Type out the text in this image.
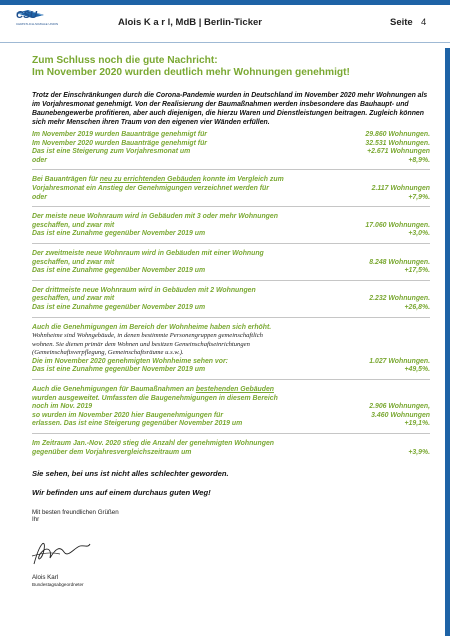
CSU
CHRISTLICH-SOZIALE UNION	Alois K a r l, MdB | Berlin-Ticker	Seite 4
Zum Schluss noch die gute Nachricht:
Im November 2020 wurden deutlich mehr Wohnungen genehmigt!
Trotz der Einschränkungen durch die Corona-Pandemie wurden in Deutschland im November 2020 mehr Wohnungen als im Vorjahresmonat genehmigt. Von der Realisierung der Baumaßnahmen werden insbesondere das Bauhaupt- und Baunebengewerbe profitieren, aber auch diejenigen, die hierzu Waren und Dienstleistungen beitragen. Zugleich können sich mehr Menschen ihren Traum von den eigenen vier Wänden erfüllen.
Im November 2019 wurden Bauanträge genehmigt für	29.860 Wohnungen.
Im November 2020 wurden Bauanträge genehmigt für	32.531 Wohnungen.
Das ist eine Steigerung zum Vorjahresmonat um	+2.671 Wohnungen
oder	+8,9%.
Bei Bauanträgen für neu zu errichtenden Gebäuden konnte im Vergleich zum
Vorjahresmonat ein Anstieg der Genehmigungen verzeichnet werden für	2.117 Wohnungen
oder	+7,9%.
Der meiste neue Wohnraum wird in Gebäuden mit 3 oder mehr Wohnungen
geschaffen, und zwar mit	17.060 Wohnungen.
Das ist eine Zunahme gegenüber November 2019 um	+3,0%.
Der zweitmeiste neue Wohnraum wird in Gebäuden mit einer Wohnung
geschaffen, und zwar mit	8.248 Wohnungen.
Das ist eine Zunahme gegenüber November 2019 um	+17,5%.
Der drittmeiste neue Wohnraum wird in Gebäuden mit 2 Wohnungen
geschaffen, und zwar mit	2.232 Wohnungen.
Das ist eine Zunahme gegenüber November 2019 um	+26,8%.
Auch die Genehmigungen im Bereich der Wohnheime haben sich erhöht.
Wohnheime sind Wohngebäude, in denen bestimmte Personengruppen gemeinschaftlich
wohnen. Sie dienen primär dem Wohnen und besitzen Gemeinschaftseinrichtungen
(Gemeinschaftsverpflegung, Gemeinschaftsräume u.s.w.).
Die im November 2020 genehmigten Wohnheime sehen vor:	1.027 Wohnungen.
Das ist eine Zunahme gegenüber November 2019 um	+49,5%.
Auch die Genehmigungen für Baumaßnahmen an bestehenden Gebäuden
wurden ausgeweitet. Umfassten die Baugenehmigungen in diesem Bereich
noch im Nov. 2019	2.906 Wohnungen,
so wurden im November 2020 hier Baugenehmigungen für	3.460 Wohnungen
erlassen. Das ist eine Steigerung gegenüber November 2019 um	+19,1%.
Im Zeitraum Jan.-Nov. 2020 stieg die Anzahl der genehmigten Wohnungen
gegenüber dem Vorjahresvergleichszeitraum um	+3,9%.
Sie sehen, bei uns ist nicht alles schlechter geworden.
Wir befinden uns auf einem durchaus guten Weg!
Mit besten freundlichen Grüßen
Ihr
Alois Karl
Bundestagsabgeordneter
